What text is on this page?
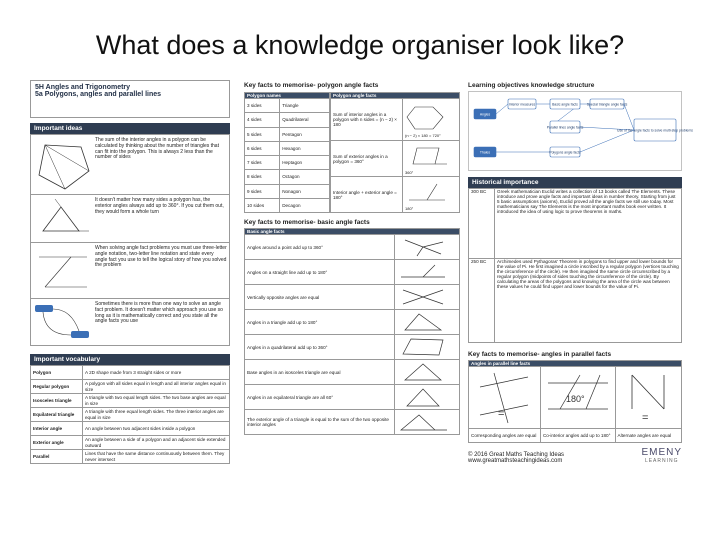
What does a knowledge organiser look like?
5H Angles and Trigonometry
5a Polygons, angles and parallel lines
Important ideas
The sum of the interior angles in a polygon can be calculated by thinking about the number of triangles that can fit into the polygon. This is always 2 less than the number of sides
It doesn't matter how many sides a polygon has, the exterior angles always add up to 360°. If you cut them out, they would form a whole turn
When solving angle fact problems you must use three-letter angle notation, two-letter line notation and state every angle fact you use to tell the logical story of how you solved the problem
Sometimes there is more than one way to solve an angle fact problem. It doesn't matter which approach you use so long as it is mathematically correct and you state all the angle facts you use
Important vocabulary
Polygon	A 2D shape made from 3 straight sides or more
Regular polygon	A polygon with all sides equal in length and all interior angles equal in size
Isosceles triangle	A triangle with two equal length sides. The two base angles are equal in size
Equilateral triangle	A triangle with three equal length sides. The three interior angles are equal in size
Interior angle	An angle between two adjacent sides inside a polygon
Exterior angle	An angle between a side of a polygon and an adjacent side extended outward
Parallel	Lines that have the same distance continuously between them. They never intersect
Key facts to memorise- polygon angle facts
Polygon names	
3 sides	Triangle
4 sides	Quadrilateral
5 sides	Pentagon
6 sides	Hexagon
7 sides	Heptagon
8 sides	Octagon
9 sides	Nonagon
10 sides	Decagon
Polygon angle facts	
Sum of interior angles in a polygon with n sides = (n − 2) × 180	(n − 2) × 180 = 720°

Sum of exterior angles in a polygon = 360°	360°

Interior angle + exterior angle = 180°	180°
Key facts to memorise- basic angle facts
Basic angle facts	
Angles around a point add up to 360°	
Angles on a straight line add up to 180°	
Vertically opposite angles are equal	
Angles in a triangle add up to 180°	
Angles in a quadrilateral add up to 360°	
Base angles in an isosceles triangle are equal	
Angles in an equilateral triangle are all 60°	
The exterior angle of a triangle is equal to the sum of the two opposite interior angles	
Learning objectives knowledge structure
Angles
Interior measures	Basic angle facts	Special triangle angle facts
Parallel lines angle facts
Polygons angle facts
Use of the angle facts to solve multi-step problems
Thales
Historical importance
300 BC	Greek mathematician Euclid writes a collection of 13 books called The Elements. These introduce and prove angle facts and important ideas in number theory. Starting from just 5 basic assumptions (axioms), Euclid proved all the angle facts we still use today. Most mathematicians say The Elements is the most important maths book ever written. It introduced the idea of using logic to prove theorems in maths.
250 BC	Archimedes used Pythagoras' Theorem in polygons to find upper and lower bounds for the value of Pi. He first imagined a circle inscribed by a regular polygon (vertices touching the circumference of the circle). He then imagined the same circle circumscribed by a regular polygon (midpoints of sides touching the circumference of the circle). By calculating the areas of the polygons and knowing the area of the circle was between these values he could find upper and lower bounds for the value of Pi.
Key facts to memorise- angles in parallel facts
Angles in parallel line facts		

=	180°	=

Corresponding angles are equal	Co-interior angles add up to 180°	Alternate angles are equal
© 2016 Great Maths Teaching Ideas
www.greatmathsteachingideas.com
EMENY
LEARNING
